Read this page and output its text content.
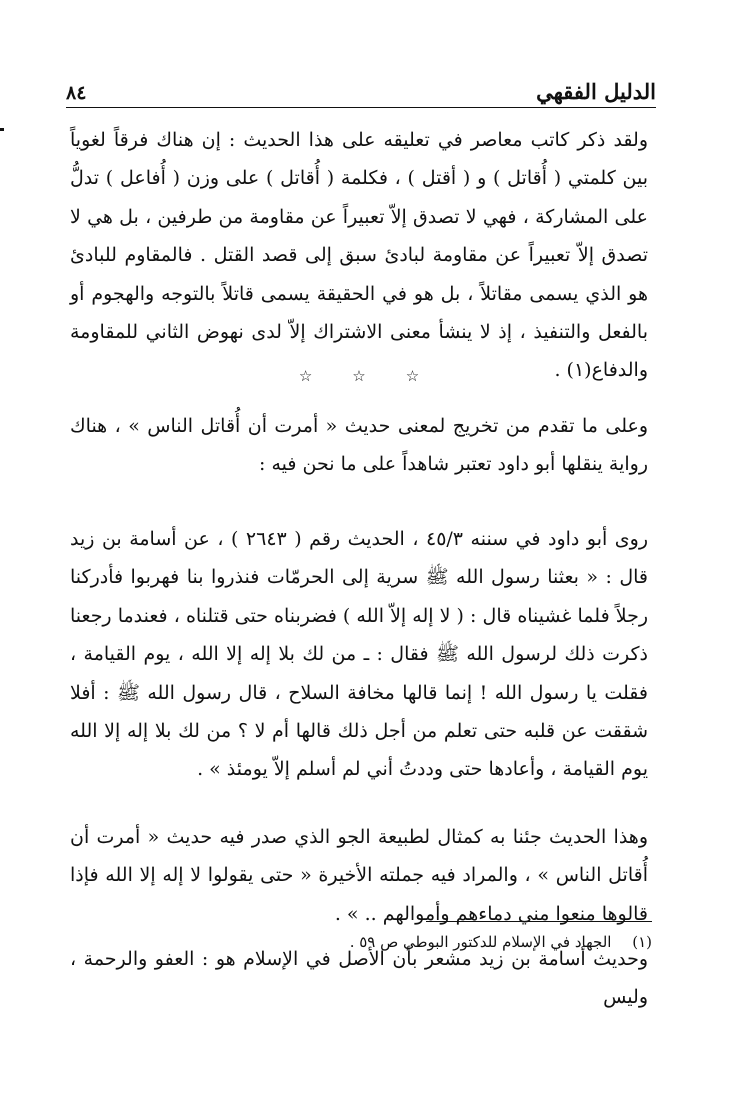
الدليل الفقهي
٨٤

ولقد ذكر كاتب معاصر في تعليقه على هذا الحديث : إن هناك فرقاً لغوياً بين كلمتي ( أُقاتل ) و ( أقتل ) ، فكلمة ( أُقاتل ) على وزن ( أُفاعل ) تدلُّ على المشاركة ، فهي لا تصدق إلاّ تعبيراً عن مقاومة من طرفين ، بل هي لا تصدق إلاّ تعبيراً عن مقاومة لبادئ سبق إلى قصد القتل . فالمقاوم للبادئ هو الذي يسمى مقاتلاً ، بل هو في الحقيقة يسمى قاتلاً بالتوجه والهجوم أو بالفعل والتنفيذ ، إذ لا ينشأ معنى الاشتراك إلاّ لدى نهوض الثاني للمقاومة والدفاع(١) .

☆
☆
☆

وعلى ما تقدم من تخريج لمعنى حديث « أمرت أن أُقاتل الناس » ، هناك رواية ينقلها أبو داود تعتبر شاهداً على ما نحن فيه :

روى أبو داود في سننه ٤٥/٣ ، الحديث رقم ( ٢٦٤٣ ) ، عن أسامة بن زيد قال : « بعثنا رسول الله ﷺ سرية إلى الحرمّات فنذروا بنا فهربوا فأدركنا رجلاً فلما غشيناه قال : ( لا إله إلاّ الله ) فضربناه حتى قتلناه ، فعندما رجعنا ذكرت ذلك لرسول الله ﷺ فقال : ـ من لك بلا إله إلا الله ، يوم القيامة ، فقلت يا رسول الله ! إنما قالها مخافة السلاح ، قال رسول الله ﷺ : أفلا شققت عن قلبه حتى تعلم من أجل ذلك قالها أم لا ؟ من لك بلا إله إلا الله يوم القيامة ، وأعادها حتى وددتُ أني لم أسلم إلاّ يومئذ » .

وهذا الحديث جئنا به كمثال لطبيعة الجو الذي صدر فيه حديث « أمرت أن أُقاتل الناس » ، والمراد فيه جملته الأخيرة « حتى يقولوا لا إله إلا الله فإذا قالوها منعوا مني دماءهم وأموالهم .. » .

وحديث أسامة بن زيد مشعر بأن الأصل في الإسلام هو : العفو والرحمة ، وليس

(١) الجهاد في الإسلام للدكتور البوطي ص ٥٩ .
